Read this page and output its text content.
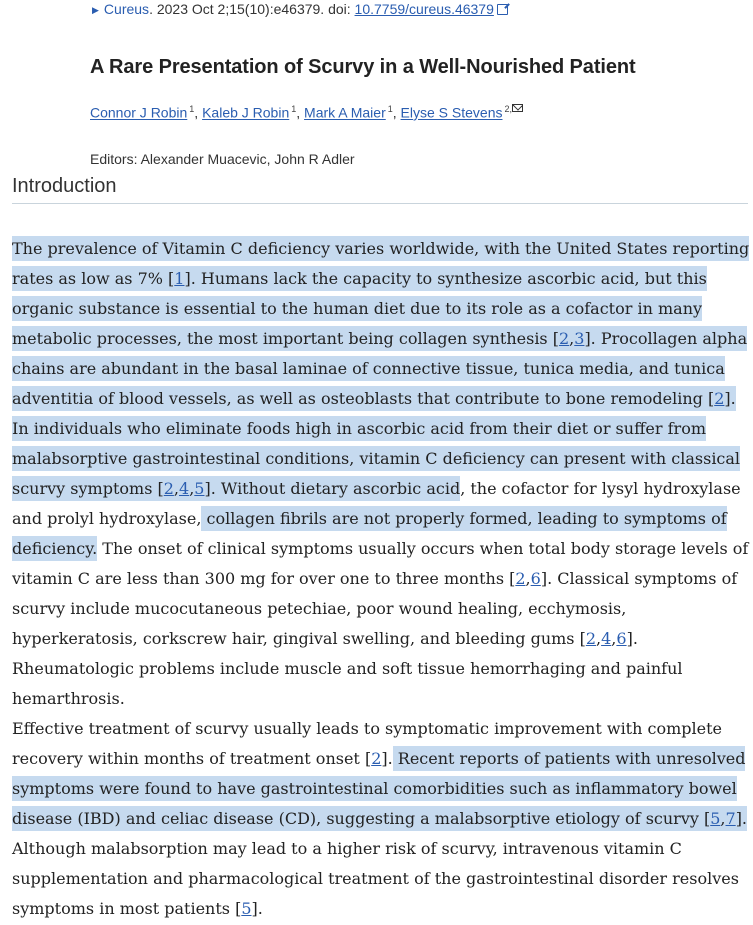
▶ Cureus. 2023 Oct 2;15(10):e46379. doi: 10.7759/cureus.46379
A Rare Presentation of Scurvy in a Well-Nourished Patient
Connor J Robin $^1$, Kaleb J Robin $^1$, Mark A Maier $^1$, Elyse S Stevens $^{2,}$
Editors: Alexander Muacevic, John R Adler
Introduction

The prevalence of Vitamin C deficiency varies worldwide, with the United States reporting rates as low as 7% [1]. Humans lack the capacity to synthesize ascorbic acid, but this organic substance is essential to the human diet due to its role as a cofactor in many metabolic processes, the most important being collagen synthesis [2,3]. Procollagen alpha chains are abundant in the basal laminae of connective tissue, tunica media, and tunica adventitia of blood vessels, as well as osteoblasts that contribute to bone remodeling [2]. In individuals who eliminate foods high in ascorbic acid from their diet or suffer from malabsorptive gastrointestinal conditions, vitamin C deficiency can present with classical scurvy symptoms [2,4,5]. Without dietary ascorbic acid, the cofactor for lysyl hydroxylase and prolyl hydroxylase, collagen fibrils are not properly formed, leading to symptoms of deficiency. The onset of clinical symptoms usually occurs when total body storage levels of vitamin C are less than 300 mg for over one to three months [2,6]. Classical symptoms of scurvy include mucocutaneous petechiae, poor wound healing, ecchymosis, hyperkeratosis, corkscrew hair, gingival swelling, and bleeding gums [2,4,6]. Rheumatologic problems include muscle and soft tissue hemorrhaging and painful hemarthrosis.

Effective treatment of scurvy usually leads to symptomatic improvement with complete recovery within months of treatment onset [2]. Recent reports of patients with unresolved symptoms were found to have gastrointestinal comorbidities such as inflammatory bowel disease (IBD) and celiac disease (CD), suggesting a malabsorptive etiology of scurvy [5,7]. Although malabsorption may lead to a higher risk of scurvy, intravenous vitamin C supplementation and pharmacological treatment of the gastrointestinal disorder resolves symptoms in most patients [5].
